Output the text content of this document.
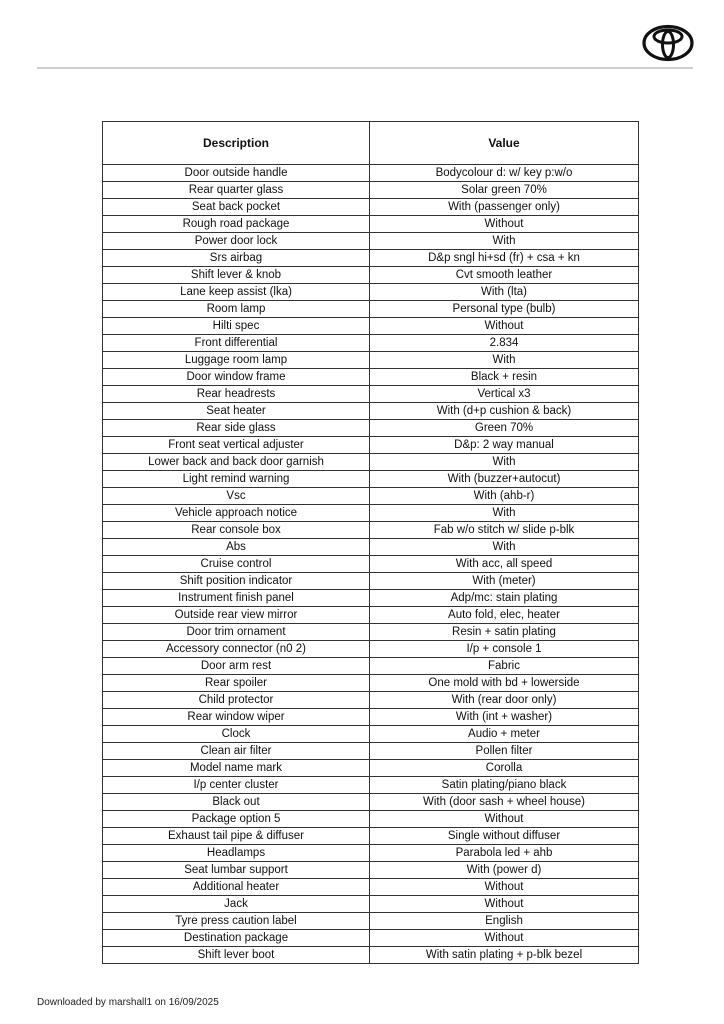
Description	Value
Door outside handle	Bodycolour d: w/ key p:w/o
Rear quarter glass	Solar green 70%
Seat back pocket	With (passenger only)
Rough road package	Without
Power door lock	With
Srs airbag	D&p sngl hi+sd (fr) + csa + kn
Shift lever & knob	Cvt smooth leather
Lane keep assist (lka)	With (lta)
Room lamp	Personal type (bulb)
Hilti spec	Without
Front differential	2.834
Luggage room lamp	With
Door window frame	Black + resin
Rear headrests	Vertical x3
Seat heater	With (d+p cushion & back)
Rear side glass	Green 70%
Front seat vertical adjuster	D&p: 2 way manual
Lower back and back door garnish	With
Light remind warning	With (buzzer+autocut)
Vsc	With (ahb-r)
Vehicle approach notice	With
Rear console box	Fab w/o stitch w/ slide p-blk
Abs	With
Cruise control	With acc, all speed
Shift position indicator	With (meter)
Instrument finish panel	Adp/mc: stain plating
Outside rear view mirror	Auto fold, elec, heater
Door trim ornament	Resin + satin plating
Accessory connector (n0 2)	I/p + console 1
Door arm rest	Fabric
Rear spoiler	One mold with bd + lowerside
Child protector	With (rear door only)
Rear window wiper	With (int + washer)
Clock	Audio + meter
Clean air filter	Pollen filter
Model name mark	Corolla
I/p center cluster	Satin plating/piano black
Black out	With (door sash + wheel house)
Package option 5	Without
Exhaust tail pipe & diffuser	Single without diffuser
Headlamps	Parabola led + ahb
Seat lumbar support	With (power d)
Additional heater	Without
Jack	Without
Tyre press caution label	English
Destination package	Without
Shift lever boot	With satin plating + p-blk bezel
Downloaded by marshall1 on 16/09/2025
